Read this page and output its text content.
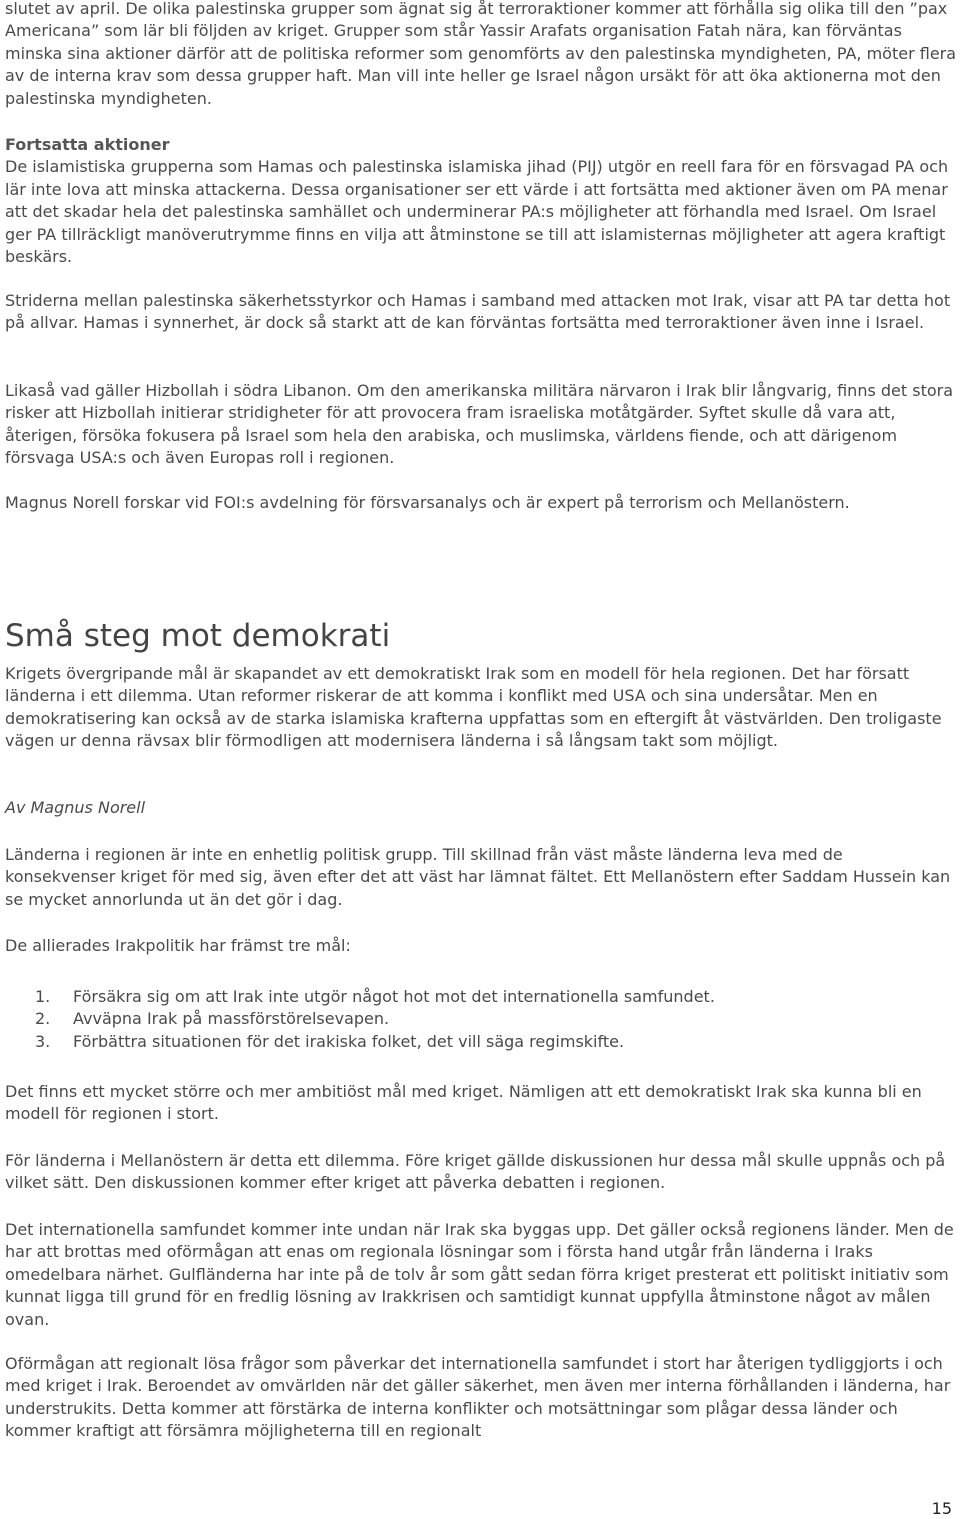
slutet av april. De olika palestinska grupper som ägnat sig åt terroraktioner kommer att förhålla sig olika till den ”pax Americana” som lär bli följden av kriget. Grupper som står Yassir Arafats organisation Fatah nära, kan förväntas minska sina aktioner därför att de politiska reformer som genomförts av den palestinska myndigheten, PA, möter flera av de interna krav som dessa grupper haft. Man vill inte heller ge Israel någon ursäkt för att öka aktionerna mot den palestinska myndigheten.

Fortsatta aktioner
De islamistiska grupperna som Hamas och palestinska islamiska jihad (PIJ) utgör en reell fara för en försvagad PA och lär inte lova att minska attackerna. Dessa organisationer ser ett värde i att fortsätta med aktioner även om PA menar att det skadar hela det palestinska samhället och underminerar PA:s möjligheter att förhandla med Israel. Om Israel ger PA tillräckligt manöverutrymme finns en vilja att åtminstone se till att islamisternas möjligheter att agera kraftigt beskärs.

Striderna mellan palestinska säkerhetsstyrkor och Hamas i samband med attacken mot Irak, visar att PA tar detta hot på allvar. Hamas i synnerhet, är dock så starkt att de kan förväntas fortsätta med terroraktioner även inne i Israel.

Likaså vad gäller Hizbollah i södra Libanon. Om den amerikanska militära närvaron i Irak blir långvarig, finns det stora risker att Hizbollah initierar stridigheter för att provocera fram israeliska motåtgärder. Syftet skulle då vara att, återigen, försöka fokusera på Israel som hela den arabiska, och muslimska, världens fiende, och att därigenom försvaga USA:s och även Europas roll i regionen.

Magnus Norell forskar vid FOI:s avdelning för försvarsanalys och är expert på terrorism och Mellanöstern.

Små steg mot demokrati

Krigets övergripande mål är skapandet av ett demokratiskt Irak som en modell för hela regionen. Det har försatt länderna i ett dilemma. Utan reformer riskerar de att komma i konflikt med USA och sina undersåtar. Men en demokratisering kan också av de starka islamiska krafterna uppfattas som en eftergift åt västvärlden. Den troligaste vägen ur denna rävsax blir förmodligen att modernisera länderna i så långsam takt som möjligt.

Av Magnus Norell

Länderna i regionen är inte en enhetlig politisk grupp. Till skillnad från väst måste länderna leva med de konsekvenser kriget för med sig, även efter det att väst har lämnat fältet. Ett Mellanöstern efter Saddam Hussein kan se mycket annorlunda ut än det gör i dag.

De allierades Irakpolitik har främst tre mål:

1. Försäkra sig om att Irak inte utgör något hot mot det internationella samfundet.
2. Avväpna Irak på massförstörelsevapen.
3. Förbättra situationen för det irakiska folket, det vill säga regimskifte.

Det finns ett mycket större och mer ambitiöst mål med kriget. Nämligen att ett demokratiskt Irak ska kunna bli en modell för regionen i stort.

För länderna i Mellanöstern är detta ett dilemma. Före kriget gällde diskussionen hur dessa mål skulle uppnås och på vilket sätt. Den diskussionen kommer efter kriget att påverka debatten i regionen.

Det internationella samfundet kommer inte undan när Irak ska byggas upp. Det gäller också regionens länder. Men de har att brottas med oförmågan att enas om regionala lösningar som i första hand utgår från länderna i Iraks omedelbara närhet. Gulfländerna har inte på de tolv år som gått sedan förra kriget presterat ett politiskt initiativ som kunnat ligga till grund för en fredlig lösning av Irakkrisen och samtidigt kunnat uppfylla åtminstone något av målen ovan.

Oförmågan att regionalt lösa frågor som påverkar det internationella samfundet i stort har återigen tydliggjorts i och med kriget i Irak. Beroendet av omvärlden när det gäller säkerhet, men även mer interna förhållanden i länderna, har understrukits. Detta kommer att förstärka de interna konflikter och motsättningar som plågar dessa länder och kommer kraftigt att försämra möjligheterna till en regionalt

15
